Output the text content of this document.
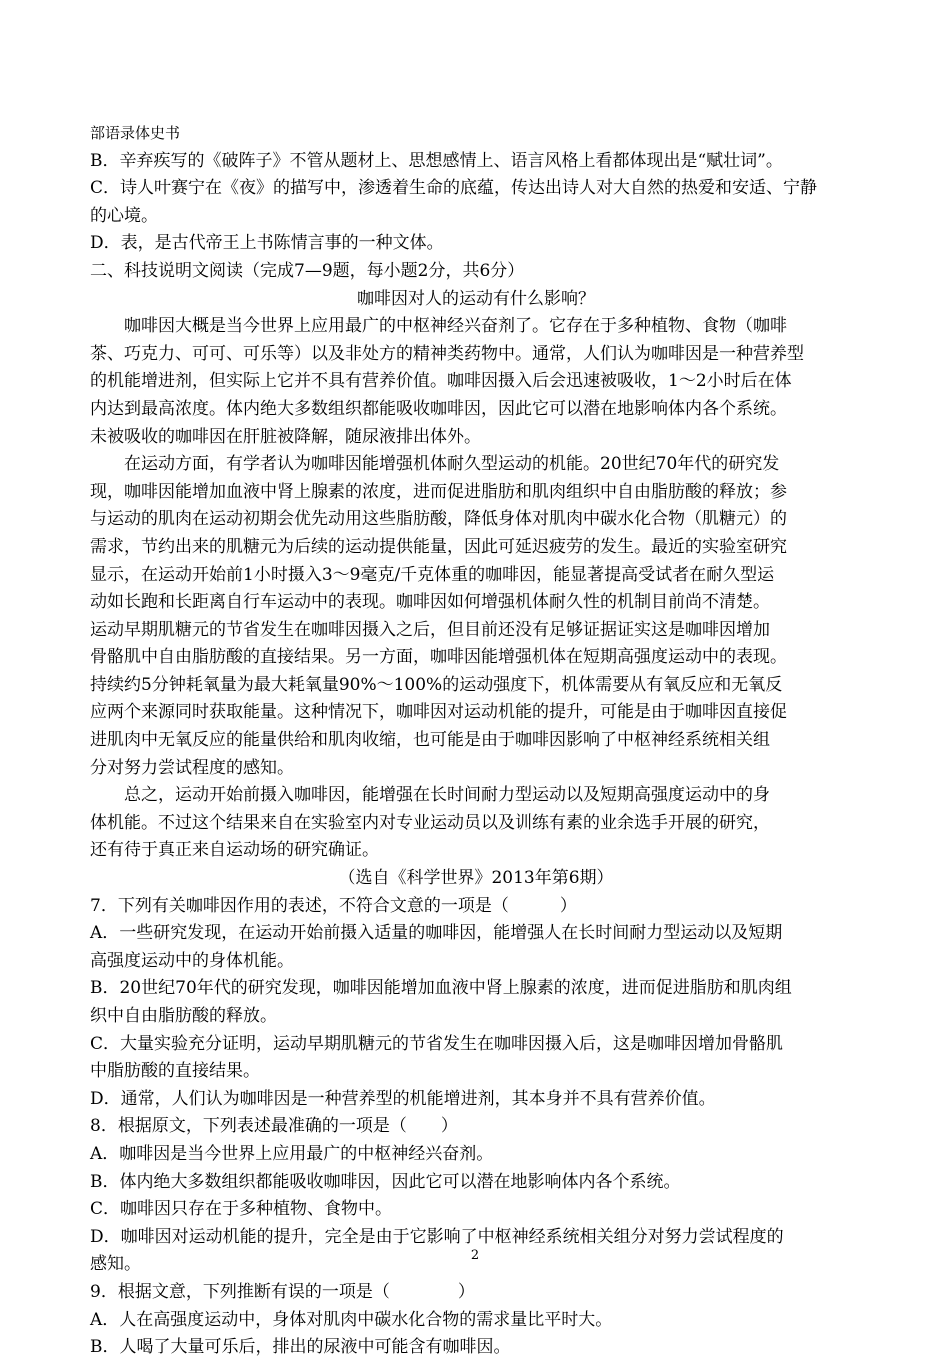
部语录体史书
B．辛弃疾写的《破阵子》不管从题材上、思想感情上、语言风格上看都体现出是“赋壮词”。
C．诗人叶赛宁在《夜》的描写中，渗透着生命的底蕴，传达出诗人对大自然的热爱和安适、宁静
的心境。
D．表，是古代帝王上书陈情言事的一种文体。
二、科技说明文阅读（完成7—9题，每小题2分，共6分）
咖啡因对人的运动有什么影响？
咖啡因大概是当今世界上应用最广的中枢神经兴奋剂了。它存在于多种植物、食物（咖啡
茶、巧克力、可可、可乐等）以及非处方的精神类药物中。通常，人们认为咖啡因是一种营养型
的机能增进剂，但实际上它并不具有营养价值。咖啡因摄入后会迅速被吸收，1～2小时后在体
内达到最高浓度。体内绝大多数组织都能吸收咖啡因，因此它可以潜在地影响体内各个系统。
未被吸收的咖啡因在肝脏被降解，随尿液排出体外。
在运动方面，有学者认为咖啡因能增强机体耐久型运动的机能。20世纪70年代的研究发
现，咖啡因能增加血液中肾上腺素的浓度，进而促进脂肪和肌肉组织中自由脂肪酸的释放；参
与运动的肌肉在运动初期会优先动用这些脂肪酸，降低身体对肌肉中碳水化合物（肌糖元）的
需求，节约出来的肌糖元为后续的运动提供能量，因此可延迟疲劳的发生。最近的实验室研究
显示，在运动开始前1小时摄入3～9毫克/千克体重的咖啡因，能显著提高受试者在耐久型运
动如长跑和长距离自行车运动中的表现。咖啡因如何增强机体耐久性的机制目前尚不清楚。
运动早期肌糖元的节省发生在咖啡因摄入之后，但目前还没有足够证据证实这是咖啡因增加
骨骼肌中自由脂肪酸的直接结果。另一方面，咖啡因能增强机体在短期高强度运动中的表现。
持续约5分钟耗氧量为最大耗氧量90%～100%的运动强度下，机体需要从有氧反应和无氧反
应两个来源同时获取能量。这种情况下，咖啡因对运动机能的提升，可能是由于咖啡因直接促
进肌肉中无氧反应的能量供给和肌肉收缩，也可能是由于咖啡因影响了中枢神经系统相关组
分对努力尝试程度的感知。
总之，运动开始前摄入咖啡因，能增强在长时间耐力型运动以及短期高强度运动中的身
体机能。不过这个结果来自在实验室内对专业运动员以及训练有素的业余选手开展的研究，
还有待于真正来自运动场的研究确证。
（选自《科学世界》2013年第6期）
7．下列有关咖啡因作用的表述，不符合文意的一项是（　　　）
A．一些研究发现，在运动开始前摄入适量的咖啡因，能增强人在长时间耐力型运动以及短期
高强度运动中的身体机能。
B．20世纪70年代的研究发现，咖啡因能增加血液中肾上腺素的浓度，进而促进脂肪和肌肉组
织中自由脂肪酸的释放。
C．大量实验充分证明，运动早期肌糖元的节省发生在咖啡因摄入后，这是咖啡因增加骨骼肌
中脂肪酸的直接结果。
D．通常，人们认为咖啡因是一种营养型的机能增进剂，其本身并不具有营养价值。
8．根据原文，下列表述最准确的一项是（　　）
A．咖啡因是当今世界上应用最广的中枢神经兴奋剂。
B．体内绝大多数组织都能吸收咖啡因，因此它可以潜在地影响体内各个系统。
C．咖啡因只存在于多种植物、食物中。
D．咖啡因对运动机能的提升，完全是由于它影响了中枢神经系统相关组分对努力尝试程度的
感知。
9．根据文意，下列推断有误的一项是（　　　　）
A．人在高强度运动中，身体对肌肉中碳水化合物的需求量比平时大。
B．人喝了大量可乐后，排出的尿液中可能含有咖啡因。
2
